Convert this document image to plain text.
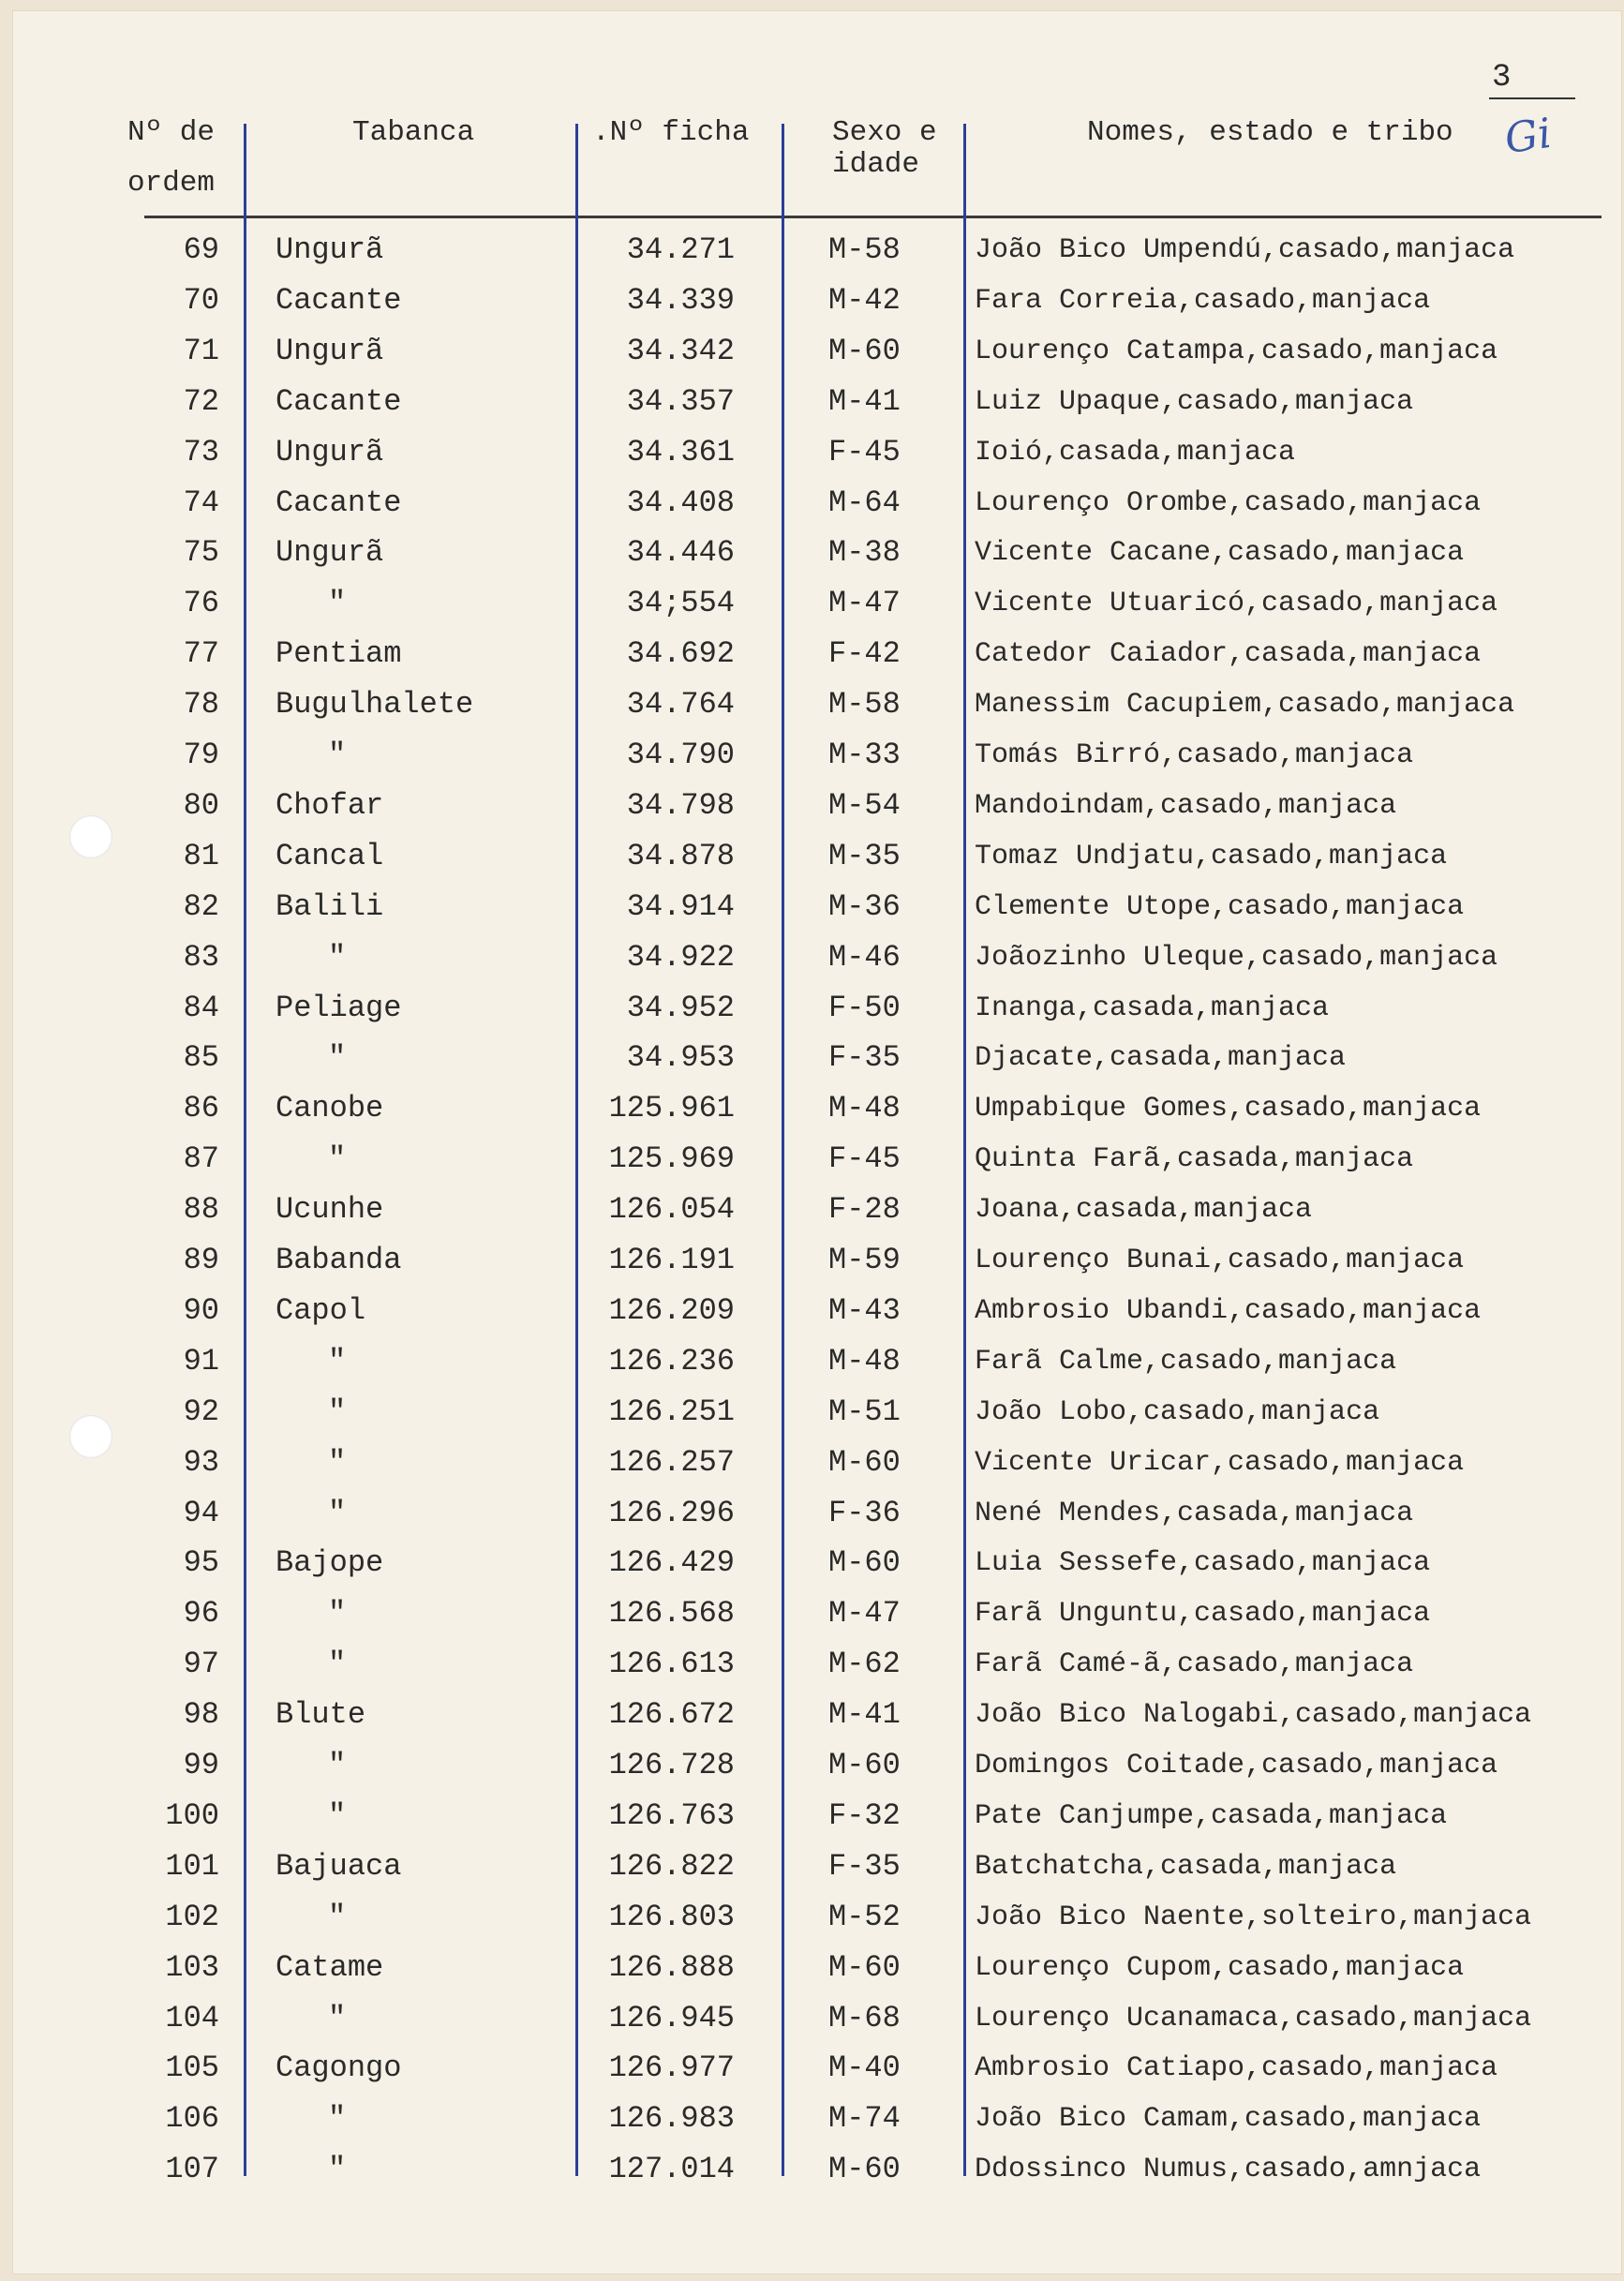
3
Gi
Nº de
ordem
Tabanca	.Nº ficha	Sexo e
idade
Nomes, estado e tribo
69 Ungurã	34.271	M-58	João Bico Umpendú,casado,manjaca
70 Cacante	34.339	M-42	Fara Correia,casado,manjaca
71 Ungurã	34.342	M-60	Lourenço Catampa,casado,manjaca
72 Cacante	34.357	M-41	Luiz Upaque,casado,manjaca
73 Ungurã	34.361	F-45	Ioió,casada,manjaca
74 Cacante	34.408	M-64	Lourenço Orombe,casado,manjaca
75 Ungurã	34.446	M-38	Vicente Cacane,casado,manjaca
76	"	34;554	M-47	Vicente Utuaricó,casado,manjaca
77 Pentiam	34.692	F-42	Catedor Caiador,casada,manjaca
78 Bugulhalete	34.764	M-58	Manessim Cacupiem,casado,manjaca
79	"	34.790	M-33	Tomás Birró,casado,manjaca
80 Chofar	34.798	M-54	Mandoindam,casado,manjaca
81 Cancal	34.878	M-35	Tomaz Undjatu,casado,manjaca
82 Balili	34.914	M-36	Clemente Utope,casado,manjaca
83	"	34.922	M-46	Joãozinho Uleque,casado,manjaca
84 Peliage	34.952	F-50	Inanga,casada,manjaca
85	"	34.953	F-35	Djacate,casada,manjaca
86 Canobe	125.961	M-48	Umpabique Gomes,casado,manjaca
87	"	125.969	F-45	Quinta Farã,casada,manjaca
88 Ucunhe	126.054	F-28	Joana,casada,manjaca
89 Babanda	126.191	M-59	Lourenço Bunai,casado,manjaca
90 Capol	126.209	M-43	Ambrosio Ubandi,casado,manjaca
91	"	126.236	M-48	Farã Calme,casado,manjaca
92	"	126.251	M-51	João Lobo,casado,manjaca
93	"	126.257	M-60	Vicente Uricar,casado,manjaca
94	"	126.296	F-36	Nené Mendes,casada,manjaca
95 Bajope	126.429	M-60	Luia Sessefe,casado,manjaca
96	"	126.568	M-47	Farã Unguntu,casado,manjaca
97	"	126.613	M-62	Farã Camé-ã,casado,manjaca
98 Blute	126.672	M-41	João Bico Nalogabi,casado,manjaca
99	"	126.728	M-60	Domingos Coitade,casado,manjaca
100	"	126.763	F-32	Pate Canjumpe,casada,manjaca
101 Bajuaca	126.822	F-35	Batchatcha,casada,manjaca
102	"	126.803	M-52	João Bico Naente,solteiro,manjaca
103 Catame	126.888	M-60	Lourenço Cupom,casado,manjaca
104	"	126.945	M-68	Lourenço Ucanamaca,casado,manjaca
105 Cagongo	126.977	M-40	Ambrosio Catiapo,casado,manjaca
106	"	126.983	M-74	João Bico Camam,casado,manjaca
107	"	127.014	M-60	Ddossinco Numus,casado,amnjaca
